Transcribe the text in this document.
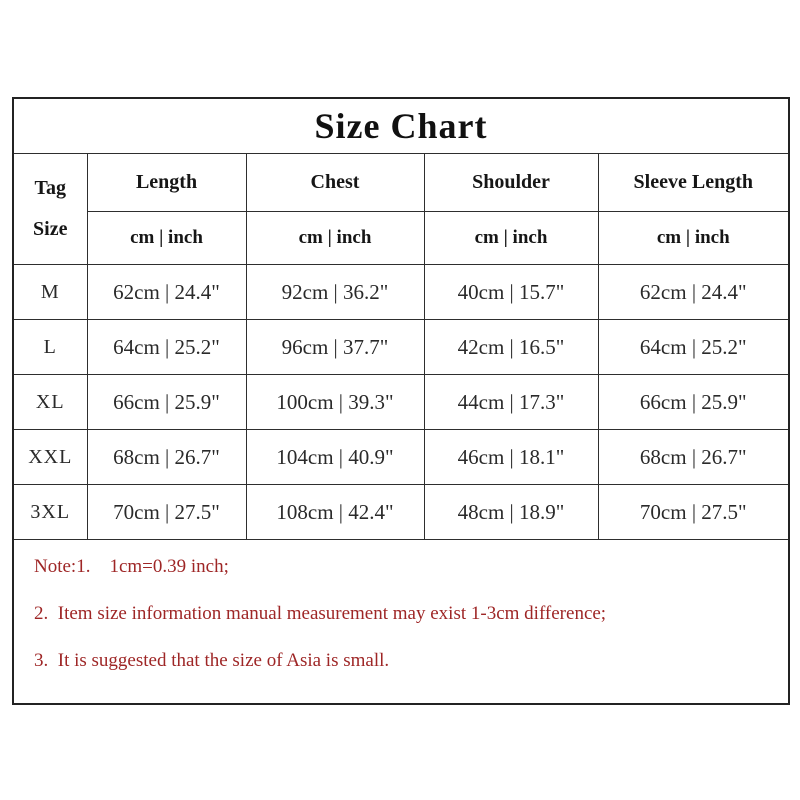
Size Chart				

Tag
Size	Length	Chest	Shoulder	Sleeve Length
	cm | inch	cm | inch	cm | inch	cm | inch
M	62cm | 24.4"	92cm | 36.2"	40cm | 15.7"	62cm | 24.4"
L	64cm | 25.2"	96cm | 37.7"	42cm | 16.5"	64cm | 25.2"
XL	66cm | 25.9"	100cm | 39.3"	44cm | 17.3"	66cm | 25.9"
XXL	68cm | 26.7"	104cm | 40.9"	46cm | 18.1"	68cm | 26.7"
3XL	70cm | 27.5"	108cm | 42.4"	48cm | 18.9"	70cm | 27.5"

Note:1.    1cm=0.39 inch;

2.  Item size information manual measurement may exist 1-3cm difference;

3.  It is suggested that the size of Asia is small.				
